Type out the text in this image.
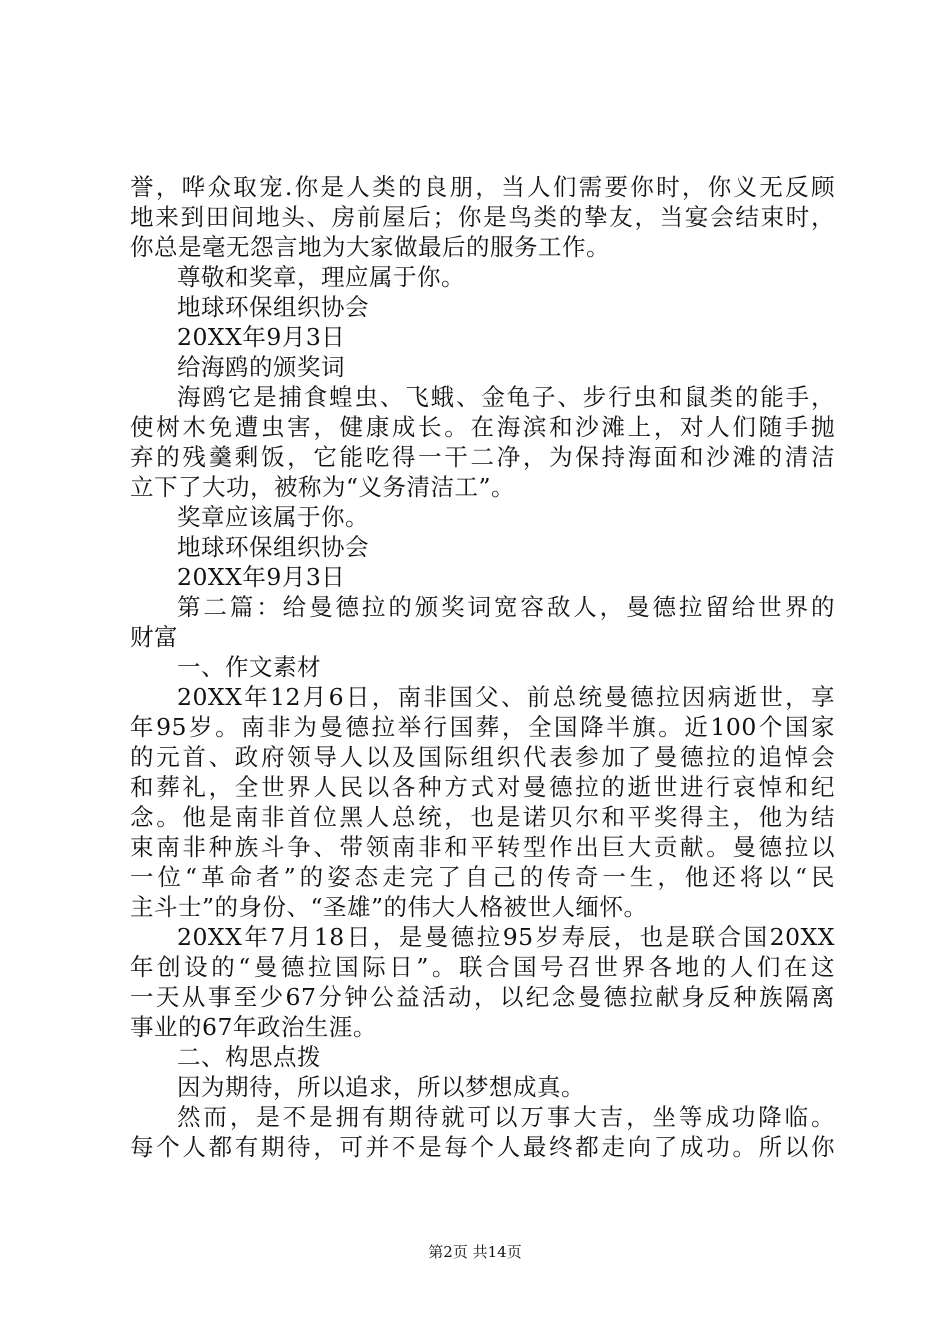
誉，哗众取宠.你是人类的良朋，当人们需要你时，你义无反顾
地来到田间地头、房前屋后；你是鸟类的挚友，当宴会结束时，
你总是毫无怨言地为大家做最后的服务工作。
尊敬和奖章，理应属于你。
地球环保组织协会
20XX年9月3日
给海鸥的颁奖词
海鸥它是捕食蝗虫、飞蛾、金龟子、步行虫和鼠类的能手，
使树木免遭虫害，健康成长。在海滨和沙滩上，对人们随手抛
弃的残羹剩饭，它能吃得一干二净，为保持海面和沙滩的清洁
立下了大功，被称为“义务清洁工”。
奖章应该属于你。
地球环保组织协会
20XX年9月3日
第二篇：给曼德拉的颁奖词宽容敌人，曼德拉留给世界的
财富
一、作文素材
20XX年12月6日，南非国父、前总统曼德拉因病逝世，享
年95岁。南非为曼德拉举行国葬，全国降半旗。近100个国家
的元首、政府领导人以及国际组织代表参加了曼德拉的追悼会
和葬礼，全世界人民以各种方式对曼德拉的逝世进行哀悼和纪
念。他是南非首位黑人总统，也是诺贝尔和平奖得主，他为结
束南非种族斗争、带领南非和平转型作出巨大贡献。曼德拉以
一位“革命者”的姿态走完了自己的传奇一生，他还将以“民
主斗士”的身份、“圣雄”的伟大人格被世人缅怀。
20XX年7月18日，是曼德拉95岁寿辰，也是联合国20XX
年创设的“曼德拉国际日”。联合国号召世界各地的人们在这
一天从事至少67分钟公益活动，以纪念曼德拉献身反种族隔离
事业的67年政治生涯。
二、构思点拨
因为期待，所以追求，所以梦想成真。
然而，是不是拥有期待就可以万事大吉，坐等成功降临。
每个人都有期待，可并不是每个人最终都走向了成功。所以你
第2页 共14页
